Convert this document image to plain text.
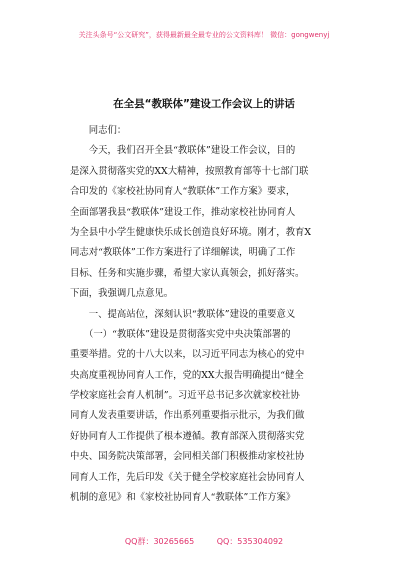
关注头条号“公文研究”，获得最新最全最专业的公文资料库！ 微信：gongwenyj
在全县“教联体”建设工作会议上的讲话
　　同志们：
　　今天，我们召开全县“教联体”建设工作会议，目的
是深入贯彻落实党的XX大精神，按照教育部等十七部门联
合印发的《家校社协同育人“教联体”工作方案》要求，
全面部署我县“教联体”建设工作，推动家校社协同育人
为全县中小学生健康快乐成长创造良好环境。刚才，教育X
同志对“教联体”工作方案进行了详细解读，明确了工作
目标、任务和实施步骤，希望大家认真领会，抓好落实。
下面，我强调几点意见。
　　一、提高站位，深刻认识“教联体”建设的重要意义
　　（一）“教联体”建设是贯彻落实党中央决策部署的
重要举措。党的十八大以来，以习近平同志为核心的党中
央高度重视协同育人工作，党的XX大报告明确提出“健全
学校家庭社会育人机制”。习近平总书记多次就家校社协
同育人发表重要讲话，作出系列重要指示批示，为我们做
好协同育人工作提供了根本遵循。教育部深入贯彻落实党
中央、国务院决策部署，会同相关部门积极推动家校社协
同育人工作，先后印发《关于健全学校家庭社会协同育人
机制的意见》和《家校社协同育人“教联体”工作方案》
QQ群：30265665	QQ：535304092
